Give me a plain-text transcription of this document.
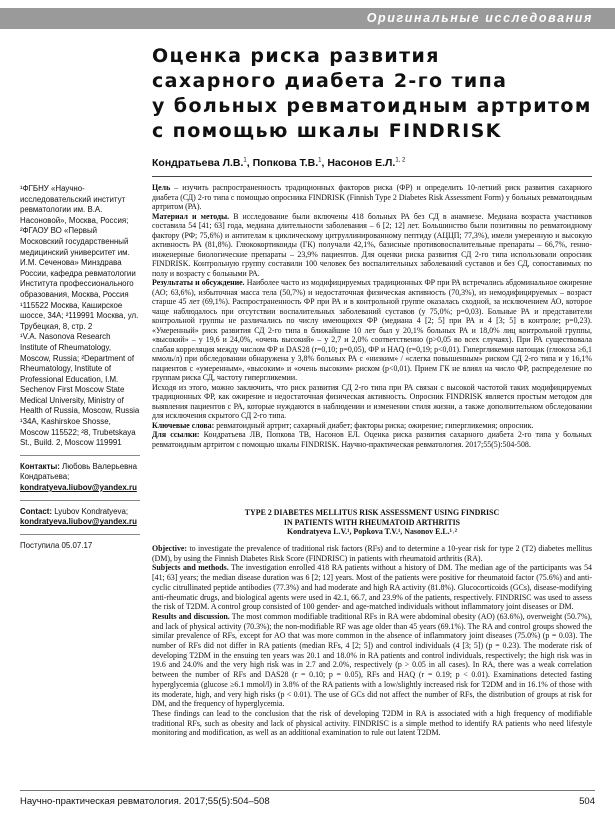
Оригинальные исследования
Оценка риска развития
сахарного диабета 2-го типа
у больных ревматоидным артритом
с помощью шкалы FINDRISK
Кондратьева Л.В.$^1$, Попкова Т.В.$^1$, Насонов Е.Л.$^{1, 2}$

¹ФГБНУ «Научно-исследовательский институт ревматологии им. В.А. Насоновой», Москва, Россия; ²ФГАОУ ВО «Первый Московский государственный медицинский университет им. И.М. Сеченова» Минздрава России, кафедра ревматологии Института профессионального образования, Москва, Россия ¹115522 Москва, Каширское шоссе, 34А; ²119991 Москва, ул. Трубецкая, 8, стр. 2

¹V.A. Nasonova Research Institute of Rheumatology, Moscow, Russia; ²Department of Rheumatology, Institute of Professional Education, I.M. Sechenov First Moscow State Medical University, Ministry of Health of Russia, Moscow, Russia ¹34A, Kashirskoe Shosse, Moscow 115522; ²8, Trubetskaya St., Build. 2, Moscow 119991

Контакты: Любовь Валерьевна Кондратьева; kondratyeva.liubov@yandex.ru

Contact: Lyubov Kondratyeva; kondratyeva.liubov@yandex.ru

Поступила 05.07.17

Цель – изучить распространенность традиционных факторов риска (ФР) и определить 10-летний риск развития сахарного диабета (СД) 2-го типа с помощью опросника FINDRISK (Finnish Type 2 Diabetes Risk Assessment Form) у больных ревматоидным артритом (РА).

Материал и методы. В исследование были включены 418 больных РА без СД в анамнезе. Медиана возраста участников составила 54 [41; 63] года, медиана длительности заболевания – 6 [2; 12] лет. Большинство были позитивны по ревматоидному фактору (РФ; 75,6%) и антителам к циклическому цитруллинированному пептиду (АЦЦП; 77,3%), имели умеренную и высокую активность РА (81,8%). Глюкокортикоиды (ГК) получали 42,1%, базисные противовоспалительные препараты – 66,7%, генно-инженерные биологические препараты – 23,9% пациентов. Для оценки риска развития СД 2-го типа использовали опросник FINDRISK. Контрольную группу составили 100 человек без воспалительных заболеваний суставов и без СД, сопоставимых по полу и возрасту с больными РА.

Результаты и обсуждение. Наиболее часто из модифицируемых традиционных ФР при РА встречались абдоминальное ожирение (АО; 63,6%), избыточная масса тела (50,7%) и недостаточная физическая активность (70,3%), из немодифицируемых – возраст старше 45 лет (69,1%). Распространенность ФР при РА и в контрольной группе оказалась сходной, за исключением АО, которое чаще наблюдалось при отсутствии воспалительных заболеваний суставов (у 75,0%; p=0,03). Больные РА и представители контрольной группы не различались по числу имеющихся ФР (медиана 4 [2; 5] при РА и 4 [3; 5] в контроле; p=0,23). «Умеренный» риск развития СД 2-го типа в ближайшие 10 лет был у 20,1% больных РА и 18,0% лиц контрольной группы, «высокий» – у 19,6 и 24,0%, «очень высокий» – у 2,7 и 2,0% соответственно (p>0,05 во всех случаях). При РА существовала слабая корреляция между числом ФР и DAS28 (r=0,10; p=0,05), ФР и HAQ (r=0,19; p<0,01). Гипергликемия натощак (глюкоза ≥6,1 ммоль/л) при обследовании обнаружена у 3,8% больных РА с «низким» / «слегка повышенным» риском СД 2-го типа и у 16,1% пациентов с «умеренным», «высоким» и «очень высоким» риском (p<0,01). Прием ГК не влиял на число ФР, распределение по группам риска СД, частоту гипергликемии.

Исходя из этого, можно заключить, что риск развития СД 2-го типа при РА связан с высокой частотой таких модифицируемых традиционных ФР, как ожирение и недостаточная физическая активность. Опросник FINDRISK является простым методом для выявления пациентов с РА, которые нуждаются в наблюдении и изменении стиля жизни, а также дополнительном обследовании для исключения скрытого СД 2-го типа.

Ключевые слова: ревматоидный артрит; сахарный диабет; факторы риска; ожирение; гипергликемия; опросник.

Для ссылки: Кондратьева ЛВ, Попкова ТВ, Насонов ЕЛ. Оценка риска развития сахарного диабета 2-го типа у больных ревматоидным артритом с помощью шкалы FINDRISK. Научно-практическая ревматология. 2017;55(5):504-508.

TYPE 2 DIABETES MELLITUS RISK ASSESSMENT USING FINDRISC
IN PATIENTS WITH RHEUMATOID ARTHRITIS
Kondratyeva L.V.¹, Popkova T.V.¹, Nasonov E.L.¹˒²

Objective: to investigate the prevalence of traditional risk factors (RFs) and to determine a 10-year risk for type 2 (T2) diabetes mellitus (DM), by using the Finnish Diabetes Risk Score (FINDRISC) in patients with rheumatoid arthritis (RA).

Subjects and methods. The investigation enrolled 418 RA patients without a history of DM. The median age of the participants was 54 [41; 63] years; the median disease duration was 6 [2; 12] years. Most of the patients were positive for rheumatoid factor (75.6%) and anti-cyclic citrullinated peptide antibodies (77.3%) and had moderate and high RA activity (81.8%). Glucocorticoids (GCs), disease-modifying anti-rheumatic drugs, and biological agents were used in 42.1, 66.7, and 23.9% of the patients, respectively. FINDRISC was used to assess the risk of T2DM. A control group consisted of 100 gender- and age-matched individuals without inflammatory joint diseases or DM.

Results and discussion. The most common modifiable traditional RFs in RA were abdominal obesity (AO) (63.6%), overweight (50.7%), and lack of physical activity (70.3%); the non-modifiable RF was age older than 45 years (69.1%). The RA and control groups showed the similar prevalence of RFs, except for AO that was more common in the absence of inflammatory joint diseases (75.0%) (p = 0.03). The number of RFs did not differ in RA patients (median RFs, 4 [2; 5]) and control individuals (4 [3; 5]) (p = 0.23). The moderate risk of developing T2DM in the ensuing ten years was 20.1 and 18.0% in RA patients and control individuals, respectively; the high risk was in 19.6 and 24.0% and the very high risk was in 2.7 and 2.0%, respectively (p > 0.05 in all cases). In RA, there was a weak correlation between the number of RFs and DAS28 (r = 0.10; p = 0.05), RFs and HAQ (r = 0.19; p < 0.01). Examinations detected fasting hyperglycemia (glucose ≥6.1 mmol/l) in 3.8% of the RA patients with a low/slightly increased risk for T2DM and in 16.1% of those with its moderate, high, and very high risks (p < 0.01). The use of GCs did not affect the number of RFs, the distribution of groups at risk for DM, and the frequency of hyperglycemia.

These findings can lead to the conclusion that the risk of developing T2DM in RA is associated with a high frequency of modifiable traditional RFs, such as obesity and lack of physical activity. FINDRISC is a simple method to identify RA patients who need lifestyle monitoring and modification, as well as an additional examination to rule out latent T2DM.

Научно-практическая ревматология. 2017;55(5):504–508	504
